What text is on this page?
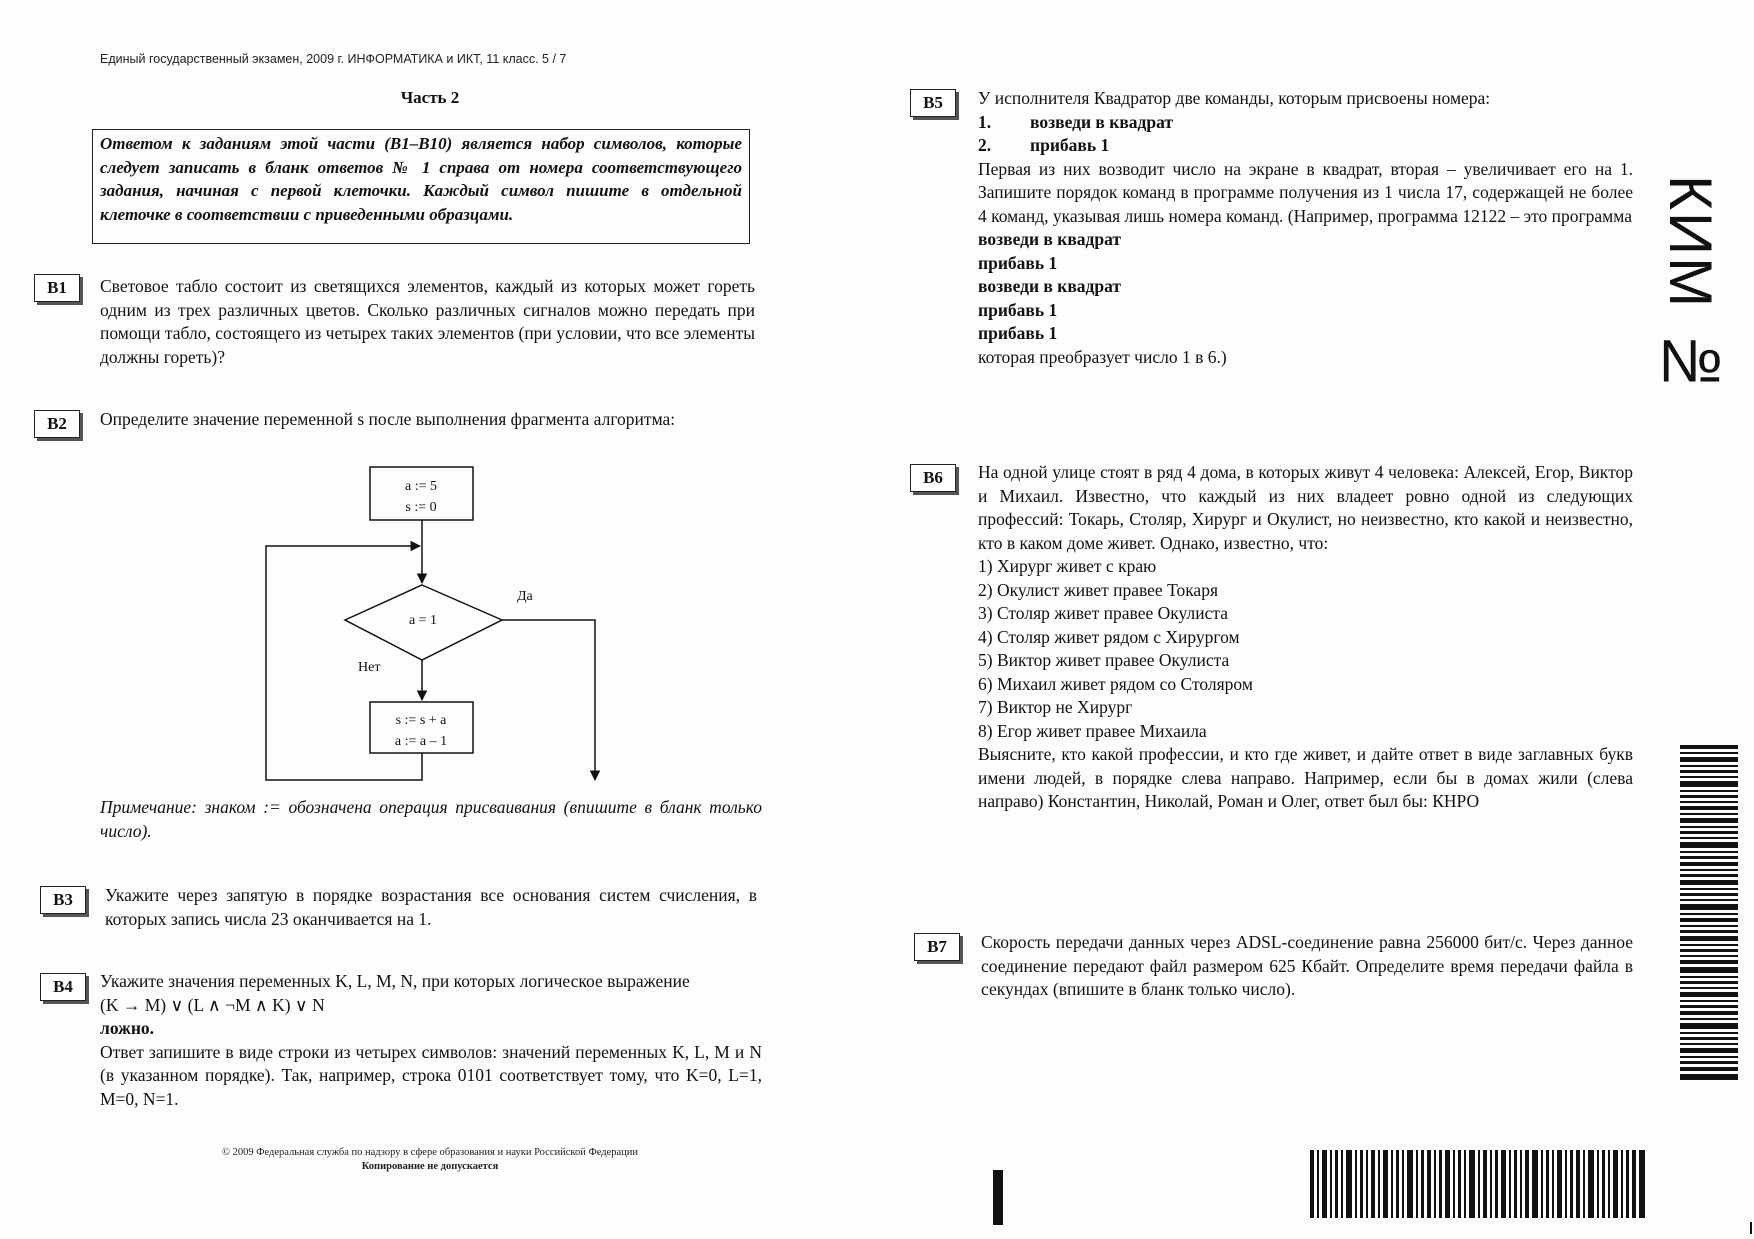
Единый государственный экзамен, 2009 г. ИНФОРМАТИКА и ИКТ, 11 класс. 5 / 7
Часть 2
Ответом к заданиям этой части (B1–B10) является набор символов, которые следует записать в бланк ответов № 1 справа от номера соответствующего задания, начиная с первой клеточки. Каждый символ пишите в отдельной клеточке в соответствии с приведенными образцами.
B1	Световое табло состоит из светящихся элементов, каждый из которых может гореть одним из трех различных цветов. Сколько различных сигналов можно передать при помощи табло, состоящего из четырех таких элементов (при условии, что все элементы должны гореть)?
B2	Определите значение переменной s после выполнения фрагмента алгоритма:
a := 5
s := 0
a = 1
Да
Нет
s := s + a
a := a – 1
Примечание: знаком := обозначена операция присваивания (впишите в бланк только число).
B3	Укажите через запятую в порядке возрастания все основания систем счисления, в которых запись числа 23 оканчивается на 1.
B4	Укажите значения переменных K, L, M, N, при которых логическое выражение
(K → M) ∨ (L ∧ ¬M ∧ K) ∨ N
ложно.
Ответ запишите в виде строки из четырех символов: значений переменных K, L, M и N (в указанном порядке). Так, например, строка 0101 соответствует тому, что K=0, L=1, M=0, N=1.
© 2009 Федеральная служба по надзору в сфере образования и науки Российской Федерации
Копирование не допускается
B5	У исполнителя Квадратор две команды, которым присвоены номера:
1. возведи в квадрат
2. прибавь 1
Первая из них возводит число на экране в квадрат, вторая – увеличивает его на 1. Запишите порядок команд в программе получения из 1 числа 17, содержащей не более 4 команд, указывая лишь номера команд. (Например, программа 12122 – это программа
возведи в квадрат
прибавь 1
возведи в квадрат
прибавь 1
прибавь 1
которая преобразует число 1 в 6.)
B6	На одной улице стоят в ряд 4 дома, в которых живут 4 человека: Алексей, Егор, Виктор и Михаил. Известно, что каждый из них владеет ровно одной из следующих профессий: Токарь, Столяр, Хирург и Окулист, но неизвестно, кто какой и неизвестно, кто в каком доме живет. Однако, известно, что:
1) Хирург живет с краю
2) Окулист живет правее Токаря
3) Столяр живет правее Окулиста
4) Столяр живет рядом с Хирургом
5) Виктор живет правее Окулиста
6) Михаил живет рядом со Столяром
7) Виктор не Хирург
8) Егор живет правее Михаила
Выясните, кто какой профессии, и кто где живет, и дайте ответ в виде заглавных букв имени людей, в порядке слева направо. Например, если бы в домах жили (слева направо) Константин, Николай, Роман и Олег, ответ был бы: КНРО
B7	Скорость передачи данных через ADSL-соединение равна 256000 бит/с. Через данное соединение передают файл размером 625 Кбайт. Определите время передачи файла в секундах (впишите в бланк только число).
КИМ №
